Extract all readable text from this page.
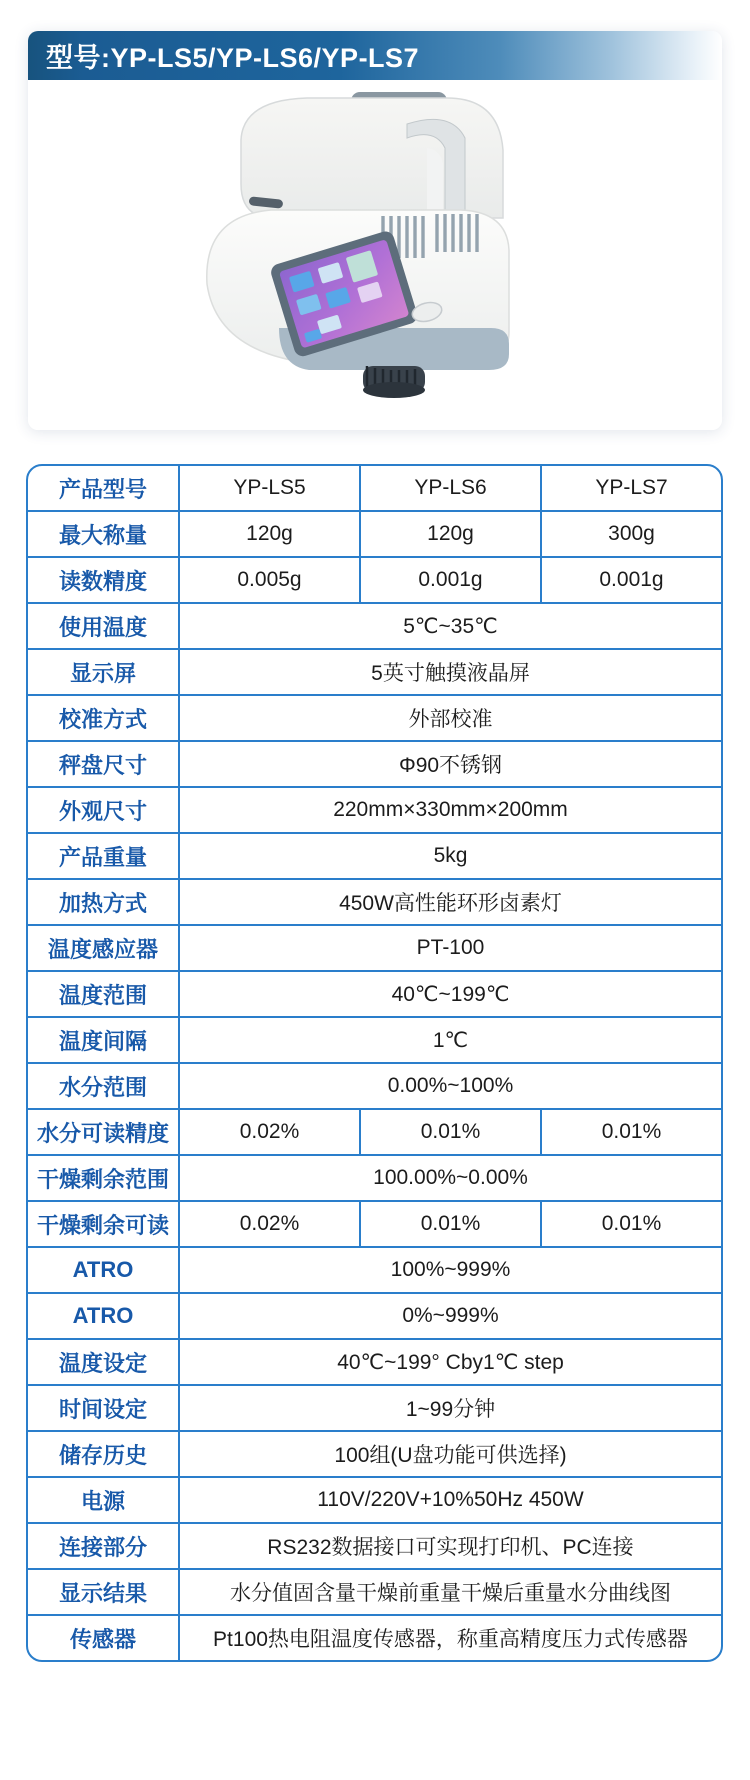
型号:YP-LS5/YP-LS6/YP-LS7
产品型号	YP-LS5	YP-LS6	YP-LS7
最大称量	120g	120g	300g
读数精度	0.005g	0.001g	0.001g
使用温度	5℃~35℃
显示屏	5英寸触摸液晶屏
校准方式	外部校准
秤盘尺寸	Φ90不锈钢
外观尺寸	220mm×330mm×200mm
产品重量	5kg
加热方式	450W高性能环形卤素灯
温度感应器	PT-100
温度范围	40℃~199℃
温度间隔	1℃
水分范围	0.00%~100%
水分可读精度	0.02%	0.01%	0.01%
干燥剩余范围	100.00%~0.00%
干燥剩余可读	0.02%	0.01%	0.01%
ATRO	100%~999%
ATRO	0%~999%
温度设定	40℃~199° Cby1℃ step
时间设定	1~99分钟
储存历史	100组(U盘功能可供选择)
电源	110V/220V+10%50Hz 450W
连接部分	RS232数据接口可实现打印机、PC连接
显示结果	水分值固含量干燥前重量干燥后重量水分曲线图
传感器	Pt100热电阻温度传感器，称重高精度压力式传感器
